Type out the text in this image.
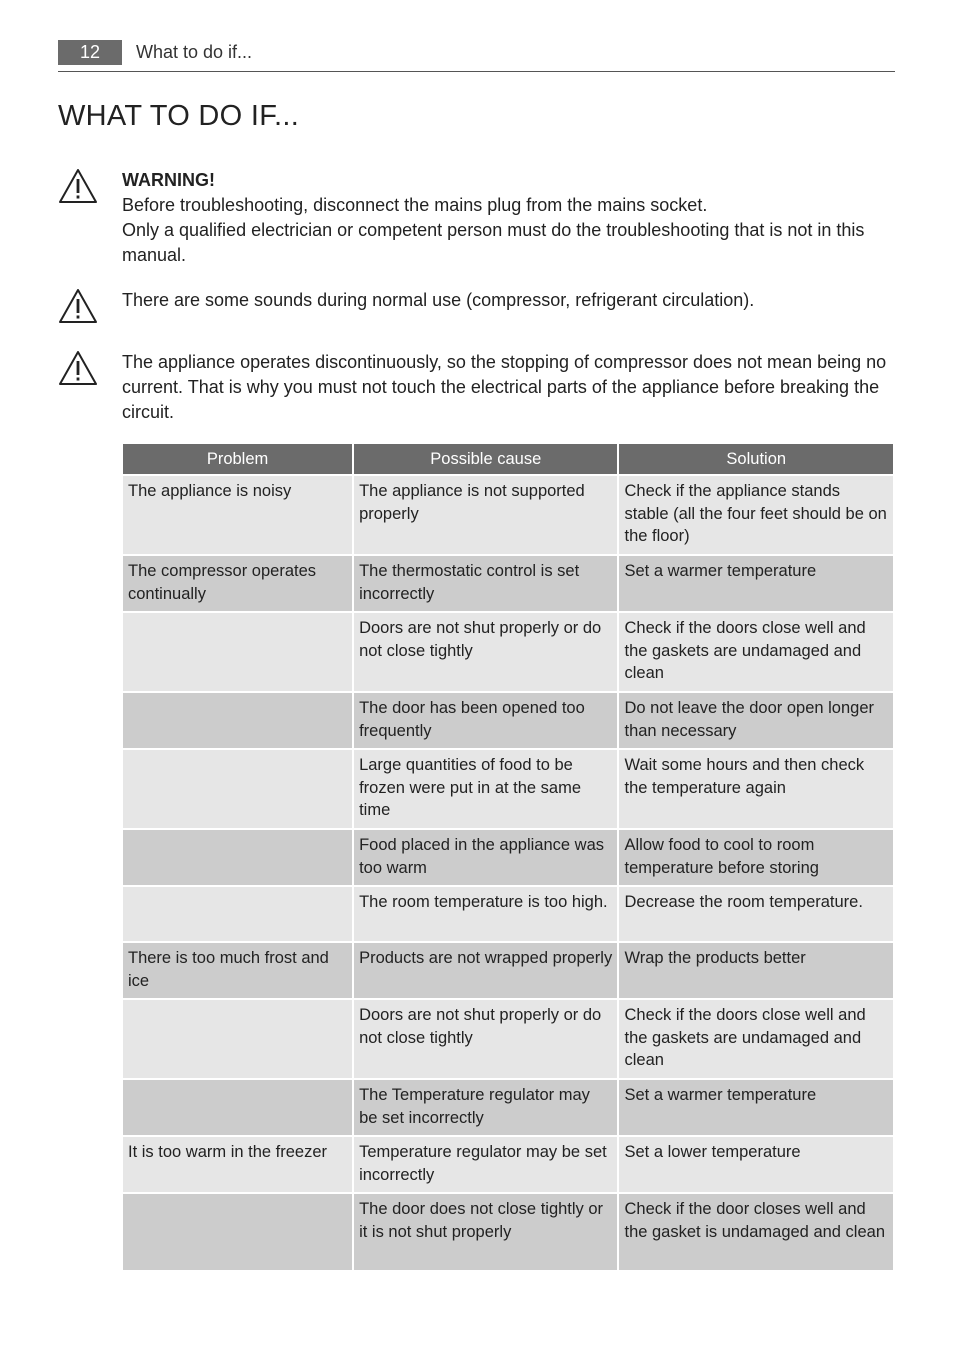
12	What to do if...
WHAT TO DO IF...
WARNING!
Before troubleshooting, disconnect the mains plug from the mains socket.
Only a qualified electrician or competent person must do the troubleshooting that is not in this manual.
There are some sounds during normal use (compressor, refrigerant circulation).
The appliance operates discontinuously, so the stopping of compressor does not mean being no current. That is why you must not touch the electrical parts of the appliance before breaking the circuit.
Problem	Possible cause	Solution
The appliance is noisy	The appliance is not supported properly	Check if the appliance stands stable (all the four feet should be on the floor)
The compressor operates continually	The thermostatic control is set incorrectly	Set a warmer temperature
	Doors are not shut properly or do not close tightly	Check if the doors close well and the gaskets are undamaged and clean
	The door has been opened too frequently	Do not leave the door open longer than necessary
	Large quantities of food to be frozen were put in at the same time	Wait some hours and then check the temperature again
	Food placed in the appliance was too warm	Allow food to cool to room temperature before storing
	The room temperature is too high.	Decrease the room temperature.
There is too much frost and ice	Products are not wrapped properly	Wrap the products better
	Doors are not shut properly or do not close tightly	Check if the doors close well and the gaskets are undamaged and clean
	The Temperature regulator may be set incorrectly	Set a warmer temperature
It is too warm in the freezer	Temperature regulator may be set incorrectly	Set a lower temperature
	The door does not close tightly or it is not shut properly	Check if the door closes well and the gasket is undamaged and clean
